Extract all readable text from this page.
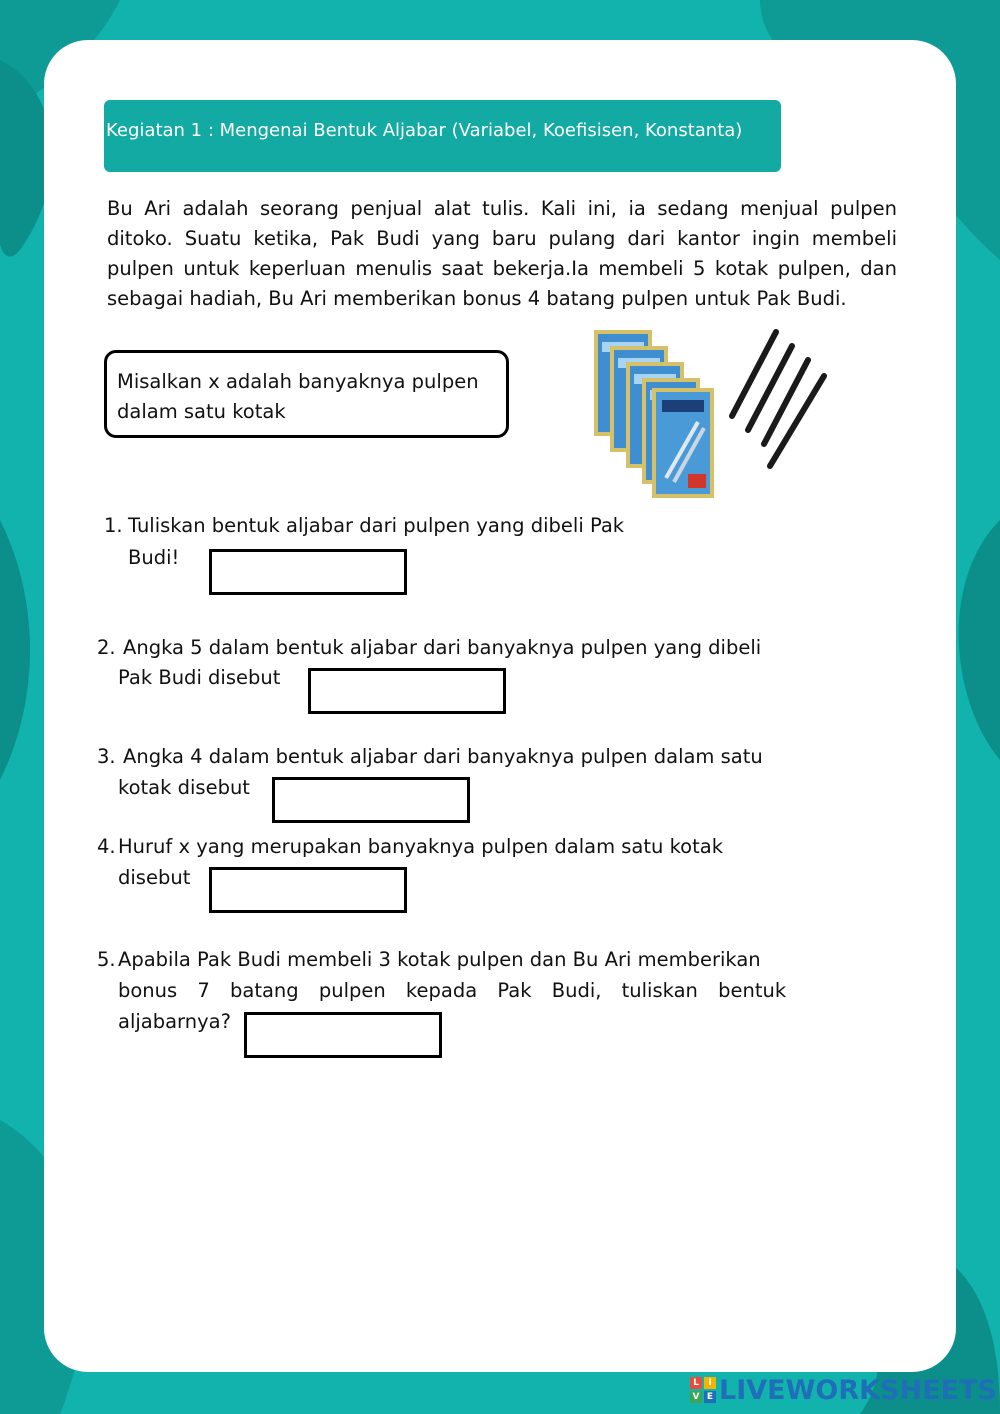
Kegiatan 1 : Mengenai Bentuk Aljabar (Variabel, Koefisisen, Konstanta)

Bu Ari adalah seorang penjual alat tulis. Kali ini, ia sedang menjual pulpen ditoko. Suatu ketika, Pak Budi yang baru pulang dari kantor ingin membeli pulpen untuk keperluan menulis saat bekerja.Ia membeli 5 kotak pulpen, dan sebagai hadiah, Bu Ari memberikan bonus 4 batang pulpen untuk Pak Budi.

Misalkan x adalah banyaknya pulpen
dalam satu kotak
1. Tuliskan bentuk aljabar dari pulpen yang dibeli Pak
Budi!
2. Angka 5 dalam bentuk aljabar dari banyaknya pulpen yang dibeli
Pak Budi disebut
3. Angka 4 dalam bentuk aljabar dari banyaknya pulpen dalam satu
kotak disebut
4. Huruf x yang merupakan banyaknya pulpen dalam satu kotak
disebut
5. Apabila Pak Budi membeli 3 kotak pulpen dan Bu Ari memberikan
bonus 7 batang pulpen kepada Pak Budi, tuliskan bentuk
aljabarnya?
L	I
V E LIVEWORKSHEETS
